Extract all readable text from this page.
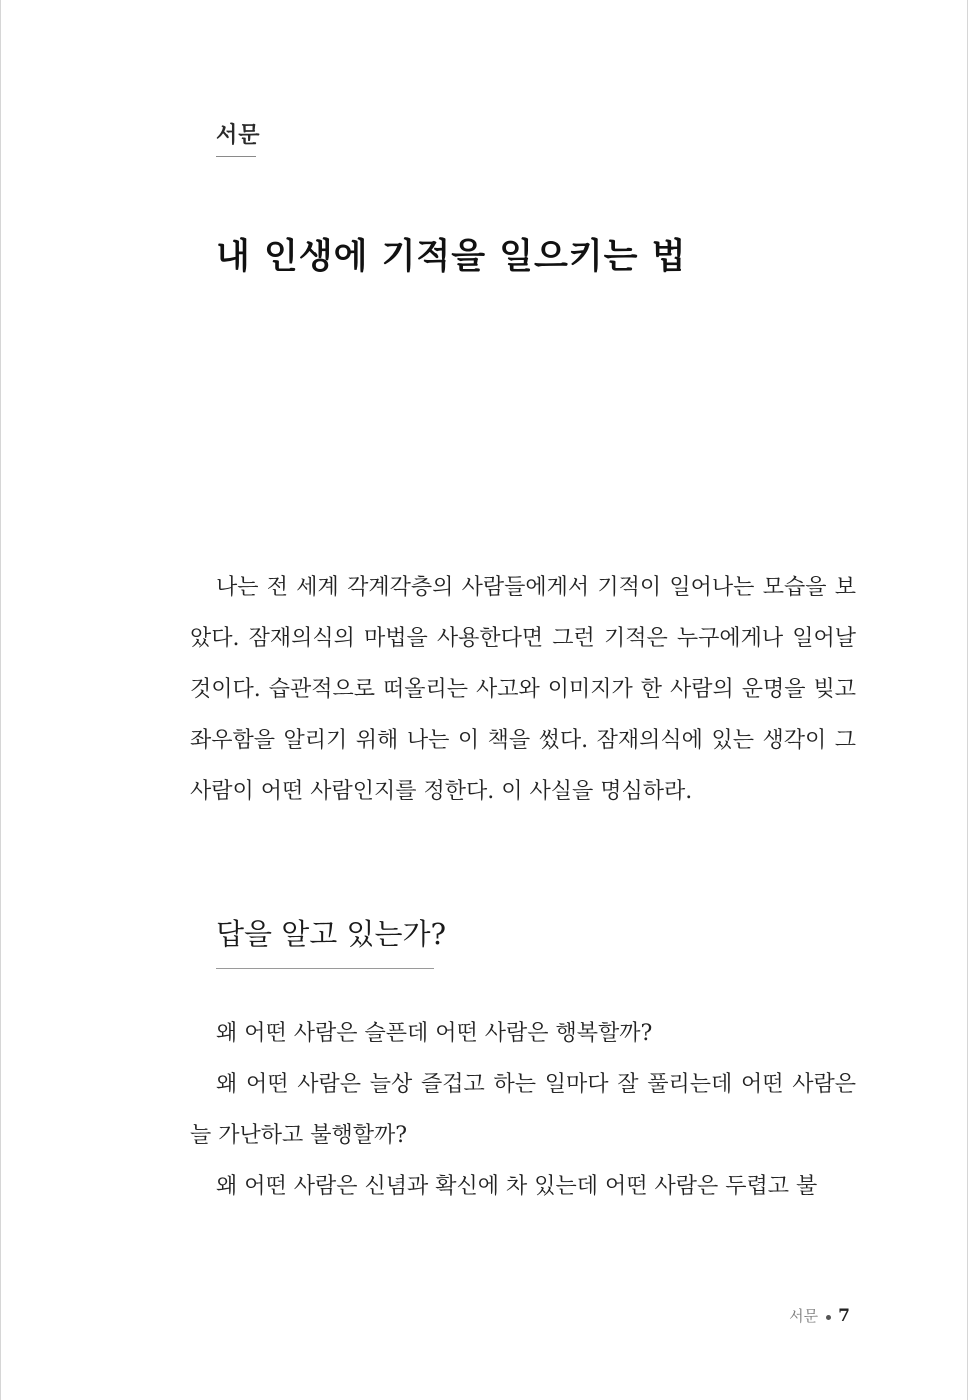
서문
내 인생에 기적을 일으키는 법

나는 전 세계 각계각층의 사람들에게서 기적이 일어나는 모습을 보았다. 잠재의식의 마법을 사용한다면 그런 기적은 누구에게나 일어날 것이다. 습관적으로 떠올리는 사고와 이미지가 한 사람의 운명을 빚고 좌우함을 알리기 위해 나는 이 책을 썼다. 잠재의식에 있는 생각이 그 사람이 어떤 사람인지를 정한다. 이 사실을 명심하라.

답을 알고 있는가?

왜 어떤 사람은 슬픈데 어떤 사람은 행복할까?

왜 어떤 사람은 늘상 즐겁고 하는 일마다 잘 풀리는데 어떤 사람은 늘 가난하고 불행할까?

왜 어떤 사람은 신념과 확신에 차 있는데 어떤 사람은 두렵고 불

서문 7
